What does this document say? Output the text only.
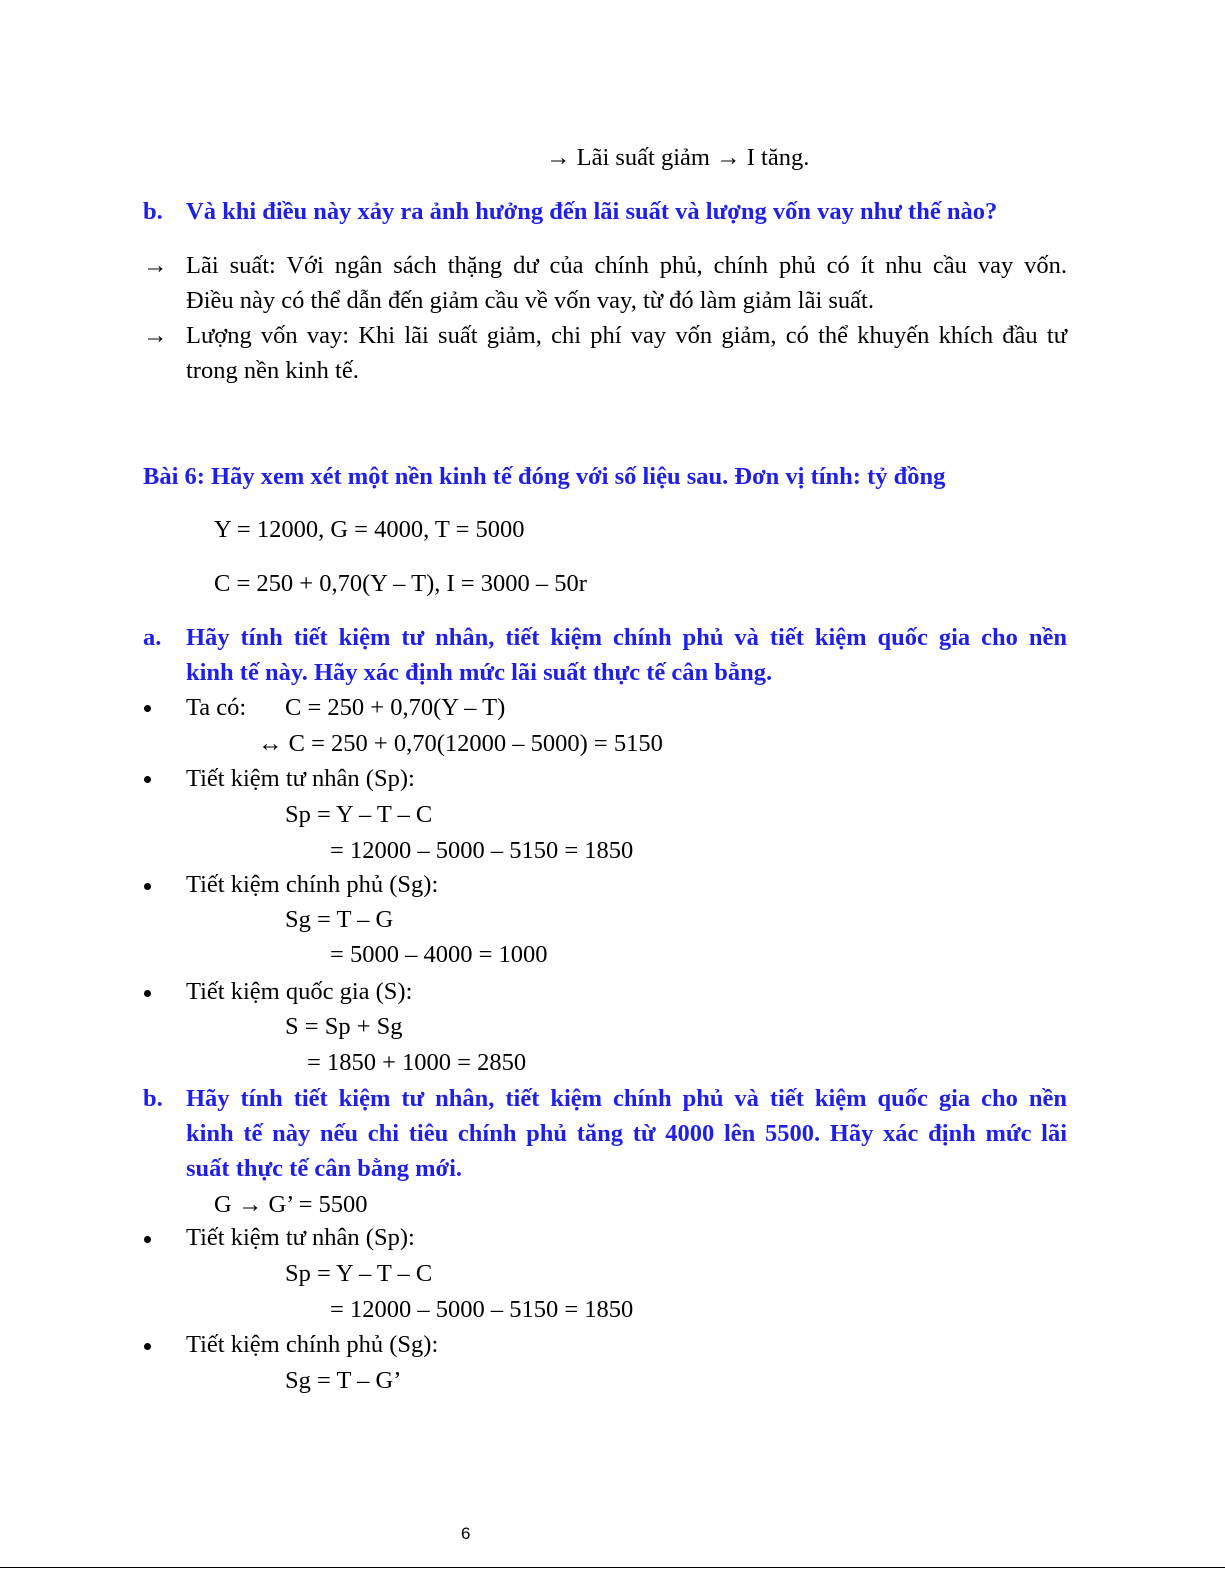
→ Lãi suất giảm → I tăng.
b. Và khi điều này xảy ra ảnh hưởng đến lãi suất và lượng vốn vay như thế nào?
→ Lãi suất: Với ngân sách thặng dư của chính phủ, chính phủ có ít nhu cầu vay vốn.
Điều này có thể dẫn đến giảm cầu về vốn vay, từ đó làm giảm lãi suất.
→ Lượng vốn vay: Khi lãi suất giảm, chi phí vay vốn giảm, có thể khuyến khích đầu tư
trong nền kinh tế.
Bài 6: Hãy xem xét một nền kinh tế đóng với số liệu sau. Đơn vị tính: tỷ đồng
Y = 12000, G = 4000, T = 5000
C = 250 + 0,70(Y – T), I = 3000 – 50r
a. Hãy tính tiết kiệm tư nhân, tiết kiệm chính phủ và tiết kiệm quốc gia cho nền
kinh tế này. Hãy xác định mức lãi suất thực tế cân bằng.
Ta có: C = 250 + 0,70(Y – T)
↔ C = 250 + 0,70(12000 – 5000) = 5150
Tiết kiệm tư nhân (Sp):
Sp = Y – T – C
= 12000 – 5000 – 5150 = 1850
Tiết kiệm chính phủ (Sg):
Sg = T – G
= 5000 – 4000 = 1000
Tiết kiệm quốc gia (S):
S = Sp + Sg
= 1850 + 1000 = 2850
b. Hãy tính tiết kiệm tư nhân, tiết kiệm chính phủ và tiết kiệm quốc gia cho nền
kinh tế này nếu chi tiêu chính phủ tăng từ 4000 lên 5500. Hãy xác định mức lãi
suất thực tế cân bằng mới.
G → G’ = 5500
Tiết kiệm tư nhân (Sp):
Sp = Y – T – C
= 12000 – 5000 – 5150 = 1850
Tiết kiệm chính phủ (Sg):
Sg = T – G’
6
